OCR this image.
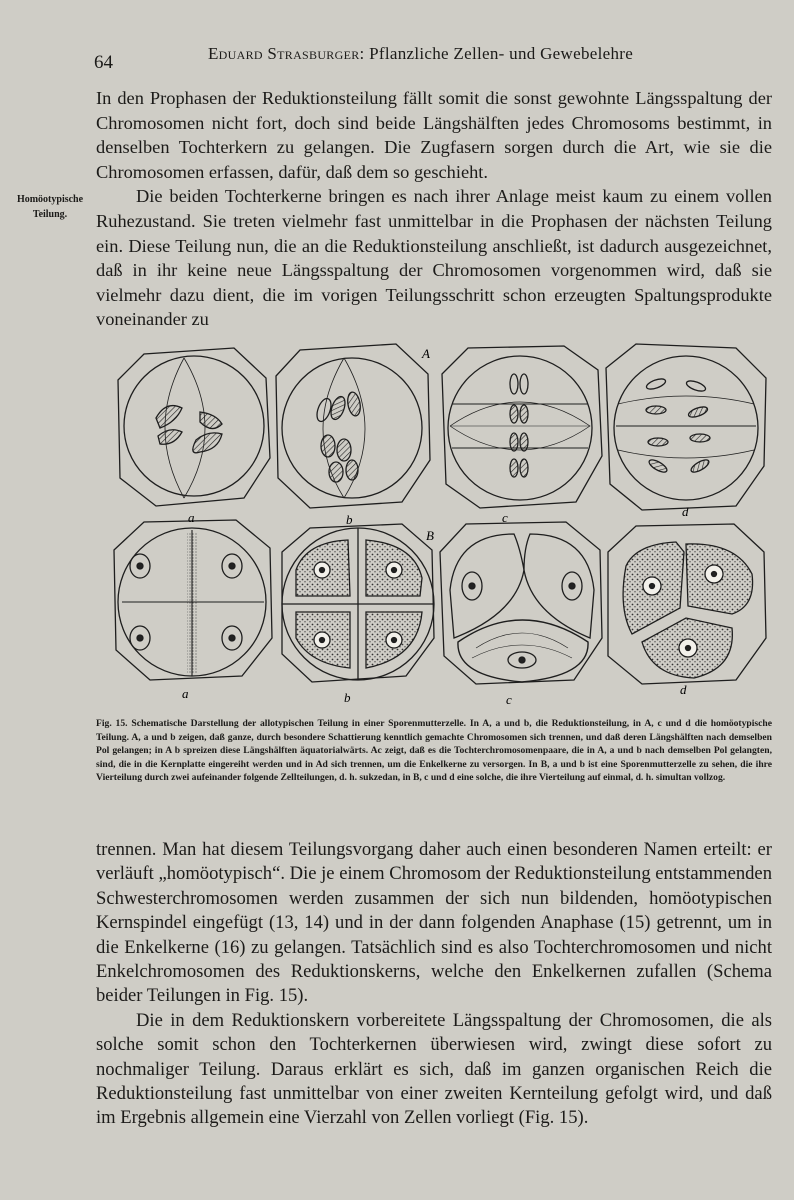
64	Eduard Strasburger: Pflanzliche Zellen- und Gewebelehre
Homöotypische Teilung.

In den Prophasen der Reduktionsteilung fällt somit die sonst gewohnte Längsspaltung der Chromosomen nicht fort, doch sind beide Längshälften jedes Chromosoms bestimmt, in denselben Tochterkern zu gelangen. Die Zugfasern sorgen durch die Art, wie sie die Chromosomen erfassen, dafür, daß dem so geschieht.

Die beiden Tochterkerne bringen es nach ihrer Anlage meist kaum zu einem vollen Ruhezustand. Sie treten vielmehr fast unmittelbar in die Prophasen der nächsten Teilung ein. Diese Teilung nun, die an die Reduktionsteilung anschließt, ist dadurch ausgezeichnet, daß in ihr keine neue Längsspaltung der Chromosomen vorgenommen wird, daß sie vielmehr dazu dient, die im vorigen Teilungsschritt schon erzeugten Spaltungsprodukte voneinander zu

A
B
a	b	c	d
a	b	c
d
Fig. 15. Schematische Darstellung der allotypischen Teilung in einer Sporenmutterzelle. In A, a und b, die Reduktionsteilung, in A, c und d die homöotypische Teilung. A, a und b zeigen, daß ganze, durch besondere Schattierung kenntlich gemachte Chromosomen sich trennen, und daß deren Längshälften nach demselben Pol gelangen; in A b spreizen diese Längshälften äquatorialwärts. Ac zeigt, daß es die Tochterchromosomenpaare, die in A, a und b nach demselben Pol gelangten, sind, die in die Kernplatte eingereiht werden und in Ad sich trennen, um die Enkelkerne zu versorgen. In B, a und b ist eine Sporenmutterzelle zu sehen, die ihre Vierteilung durch zwei aufeinander folgende Zellteilungen, d. h. sukzedan, in B, c und d eine solche, die ihre Vierteilung auf einmal, d. h. simultan vollzog.

trennen. Man hat diesem Teilungsvorgang daher auch einen besonderen Namen erteilt: er verläuft „homöotypisch“. Die je einem Chromosom der Reduktionsteilung entstammenden Schwesterchromosomen werden zusammen der sich nun bildenden, homöotypischen Kernspindel eingefügt (13, 14) und in der dann folgenden Anaphase (15) getrennt, um in die Enkelkerne (16) zu gelangen. Tatsächlich sind es also Tochterchromosomen und nicht Enkelchromosomen des Reduktionskerns, welche den Enkelkernen zufallen (Schema beider Teilungen in Fig. 15).

Die in dem Reduktionskern vorbereitete Längsspaltung der Chromosomen, die als solche somit schon den Tochterkernen überwiesen wird, zwingt diese sofort zu nochmaliger Teilung. Daraus erklärt es sich, daß im ganzen organischen Reich die Reduktionsteilung fast unmittelbar von einer zweiten Kernteilung gefolgt wird, und daß im Ergebnis allgemein eine Vierzahl von Zellen vorliegt (Fig. 15).
